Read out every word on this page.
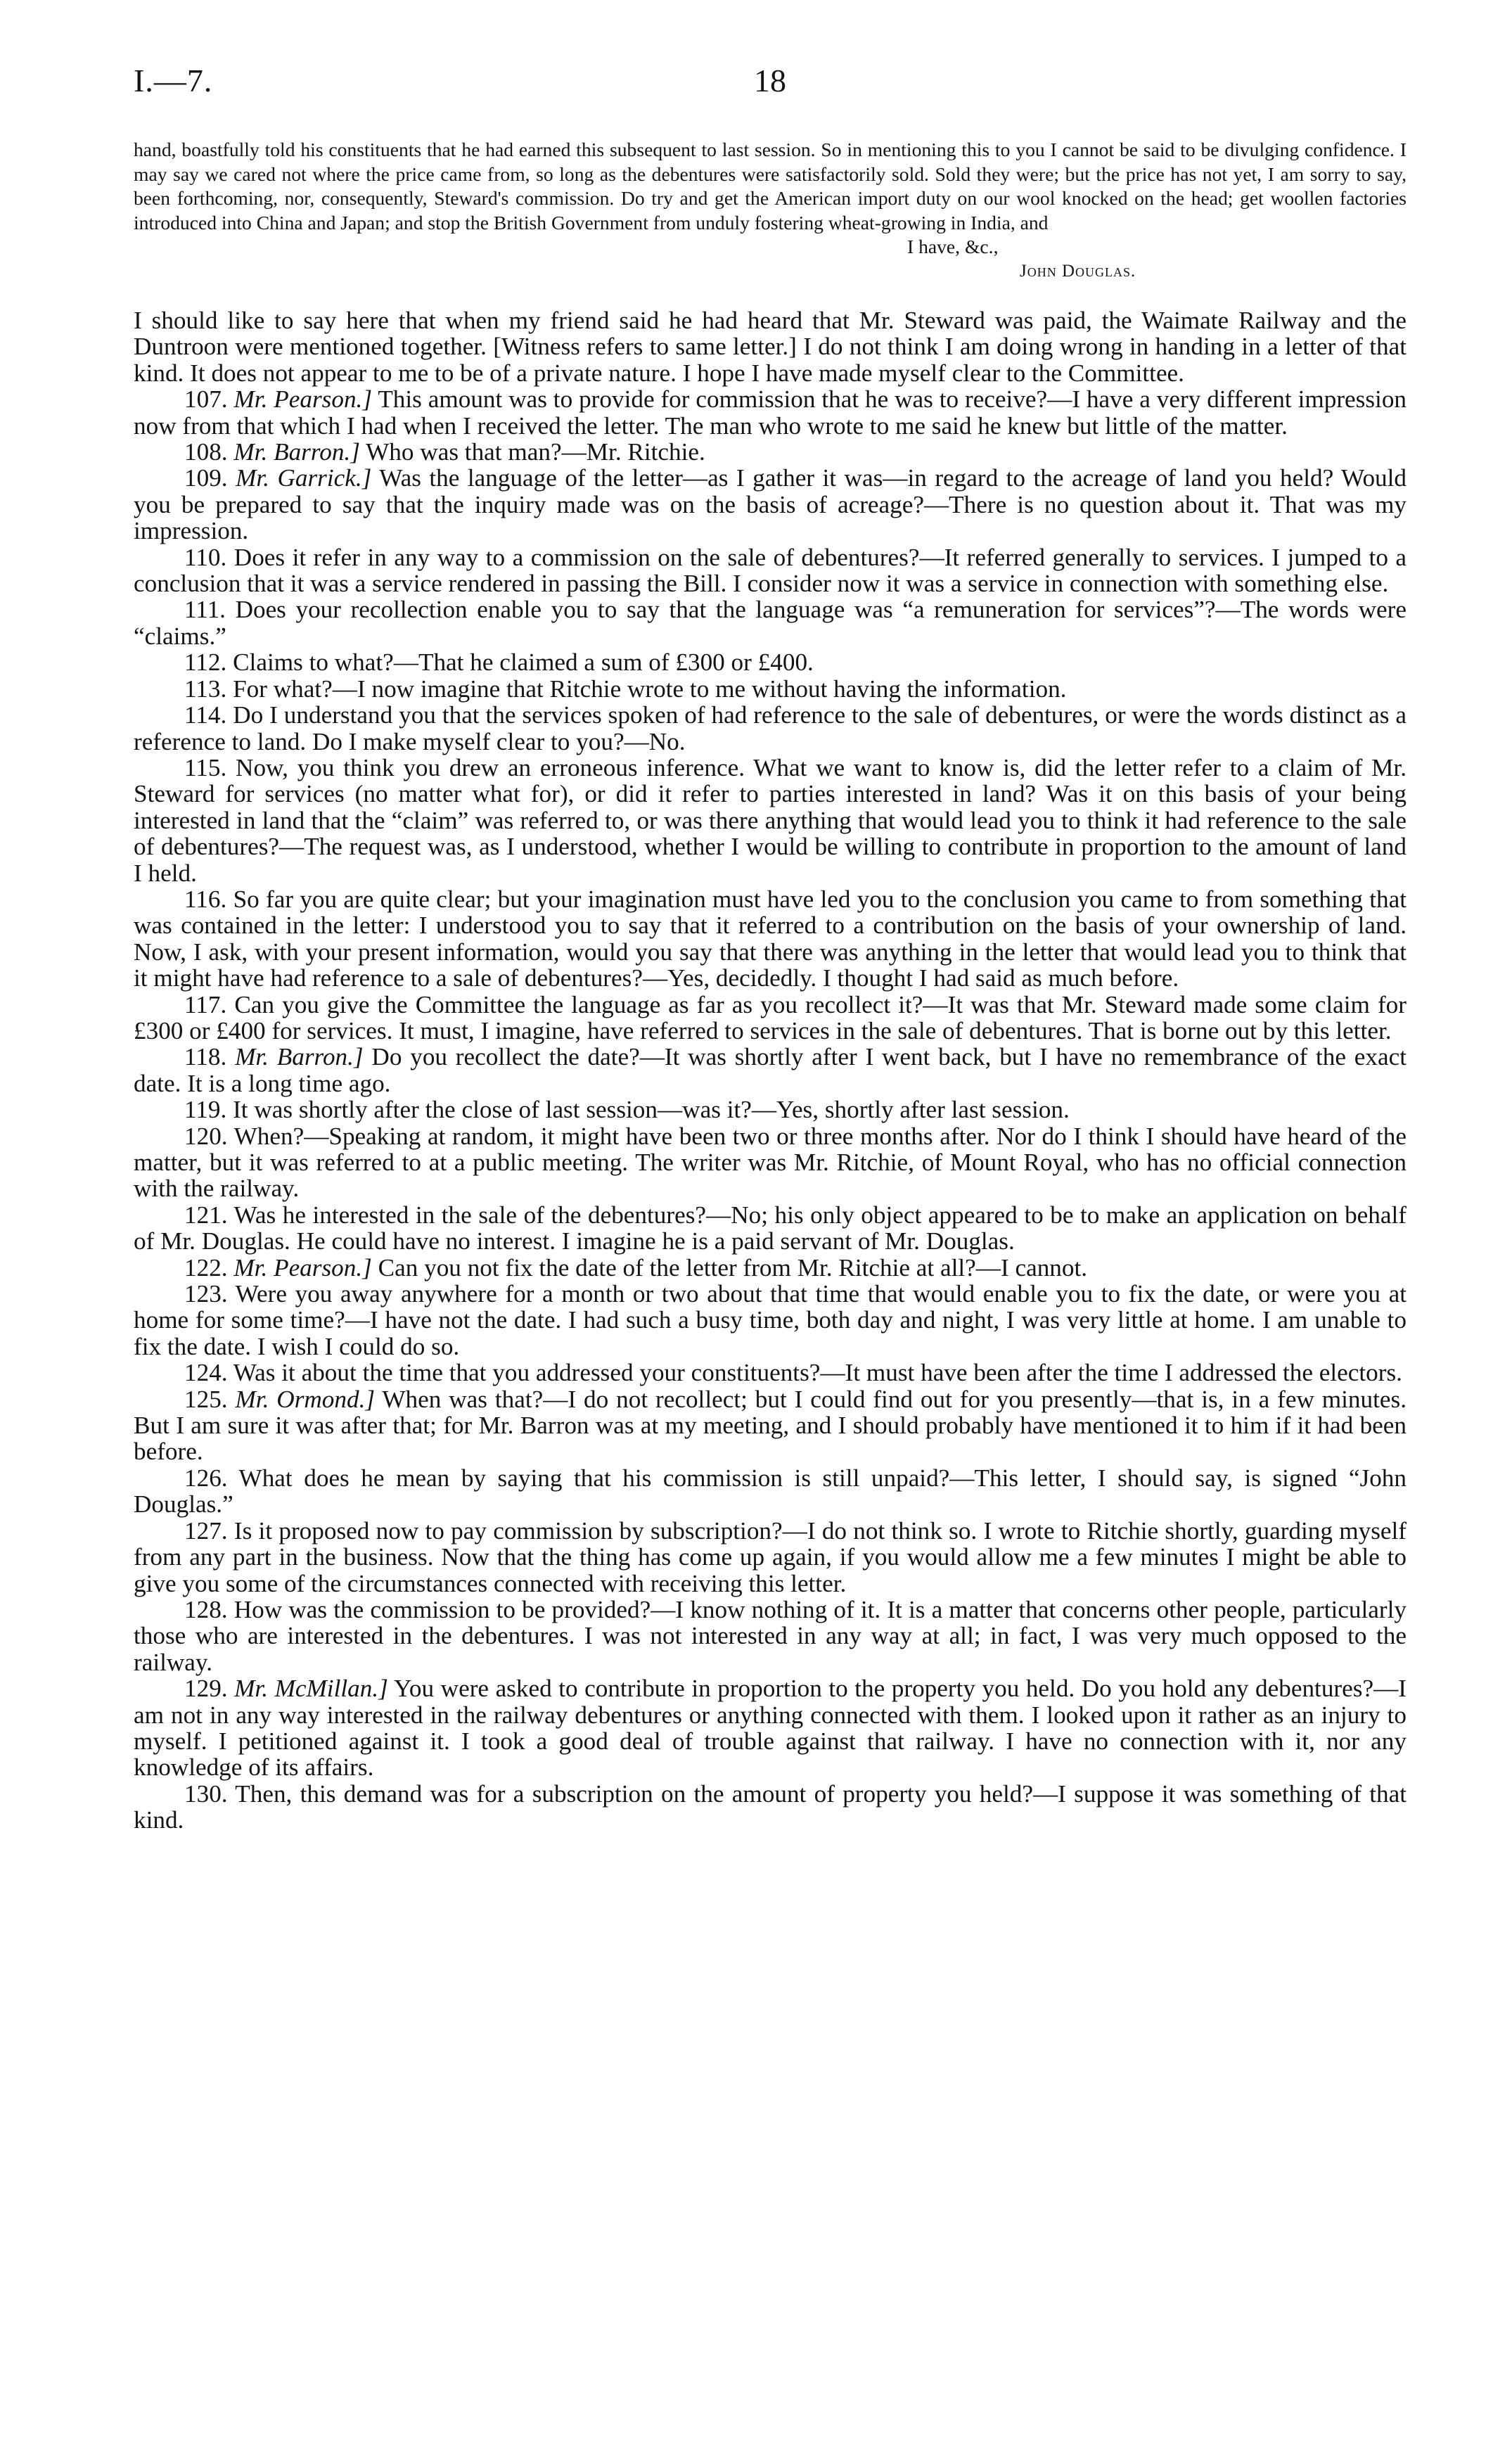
I.—7.	18

hand, boastfully told his constituents that he had earned this subsequent to last session. So in mentioning this to you I cannot be said to be divulging confidence. I may say we cared not where the price came from, so long as the debentures were satisfactorily sold. Sold they were; but the price has not yet, I am sorry to say, been forthcoming, nor, consequently, Steward's commission. Do try and get the American import duty on our wool knocked on the head; get woollen factories introduced into China and Japan; and stop the British Government from unduly fostering wheat-growing in India, and

I have, &c.,
John Douglas.

I should like to say here that when my friend said he had heard that Mr. Steward was paid, the Waimate Railway and the Duntroon were mentioned together. [Witness refers to same letter.] I do not think I am doing wrong in handing in a letter of that kind. It does not appear to me to be of a private nature. I hope I have made myself clear to the Committee.

107. Mr. Pearson.] This amount was to provide for commission that he was to receive?—I have a very different impression now from that which I had when I received the letter. The man who wrote to me said he knew but little of the matter.

108. Mr. Barron.] Who was that man?—Mr. Ritchie.

109. Mr. Garrick.] Was the language of the letter—as I gather it was—in regard to the acreage of land you held? Would you be prepared to say that the inquiry made was on the basis of acreage?—There is no question about it. That was my impression.

110. Does it refer in any way to a commission on the sale of debentures?—It referred generally to services. I jumped to a conclusion that it was a service rendered in passing the Bill. I consider now it was a service in connection with something else.

111. Does your recollection enable you to say that the language was “a remuneration for services”?—The words were “claims.”

112. Claims to what?—That he claimed a sum of £300 or £400.

113. For what?—I now imagine that Ritchie wrote to me without having the information.

114. Do I understand you that the services spoken of had reference to the sale of debentures, or were the words distinct as a reference to land. Do I make myself clear to you?—No.

115. Now, you think you drew an erroneous inference. What we want to know is, did the letter refer to a claim of Mr. Steward for services (no matter what for), or did it refer to parties interested in land? Was it on this basis of your being interested in land that the “claim” was referred to, or was there anything that would lead you to think it had reference to the sale of debentures?—The request was, as I understood, whether I would be willing to contribute in proportion to the amount of land I held.

116. So far you are quite clear; but your imagination must have led you to the conclusion you came to from something that was contained in the letter: I understood you to say that it referred to a contribution on the basis of your ownership of land. Now, I ask, with your present information, would you say that there was anything in the letter that would lead you to think that it might have had reference to a sale of debentures?—Yes, decidedly. I thought I had said as much before.

117. Can you give the Committee the language as far as you recollect it?—It was that Mr. Steward made some claim for £300 or £400 for services. It must, I imagine, have referred to services in the sale of debentures. That is borne out by this letter.

118. Mr. Barron.] Do you recollect the date?—It was shortly after I went back, but I have no remembrance of the exact date. It is a long time ago.

119. It was shortly after the close of last session—was it?—Yes, shortly after last session.

120. When?—Speaking at random, it might have been two or three months after. Nor do I think I should have heard of the matter, but it was referred to at a public meeting. The writer was Mr. Ritchie, of Mount Royal, who has no official connection with the railway.

121. Was he interested in the sale of the debentures?—No; his only object appeared to be to make an application on behalf of Mr. Douglas. He could have no interest. I imagine he is a paid servant of Mr. Douglas.

122. Mr. Pearson.] Can you not fix the date of the letter from Mr. Ritchie at all?—I cannot.

123. Were you away anywhere for a month or two about that time that would enable you to fix the date, or were you at home for some time?—I have not the date. I had such a busy time, both day and night, I was very little at home. I am unable to fix the date. I wish I could do so.

124. Was it about the time that you addressed your constituents?—It must have been after the time I addressed the electors.

125. Mr. Ormond.] When was that?—I do not recollect; but I could find out for you presently—that is, in a few minutes. But I am sure it was after that; for Mr. Barron was at my meeting, and I should probably have mentioned it to him if it had been before.

126. What does he mean by saying that his commission is still unpaid?—This letter, I should say, is signed “John Douglas.”

127. Is it proposed now to pay commission by subscription?—I do not think so. I wrote to Ritchie shortly, guarding myself from any part in the business. Now that the thing has come up again, if you would allow me a few minutes I might be able to give you some of the circumstances connected with receiving this letter.

128. How was the commission to be provided?—I know nothing of it. It is a matter that concerns other people, particularly those who are interested in the debentures. I was not interested in any way at all; in fact, I was very much opposed to the railway.

129. Mr. McMillan.] You were asked to contribute in proportion to the property you held. Do you hold any debentures?—I am not in any way interested in the railway debentures or anything connected with them. I looked upon it rather as an injury to myself. I petitioned against it. I took a good deal of trouble against that railway. I have no connection with it, nor any knowledge of its affairs.

130. Then, this demand was for a subscription on the amount of property you held?—I suppose it was something of that kind.
